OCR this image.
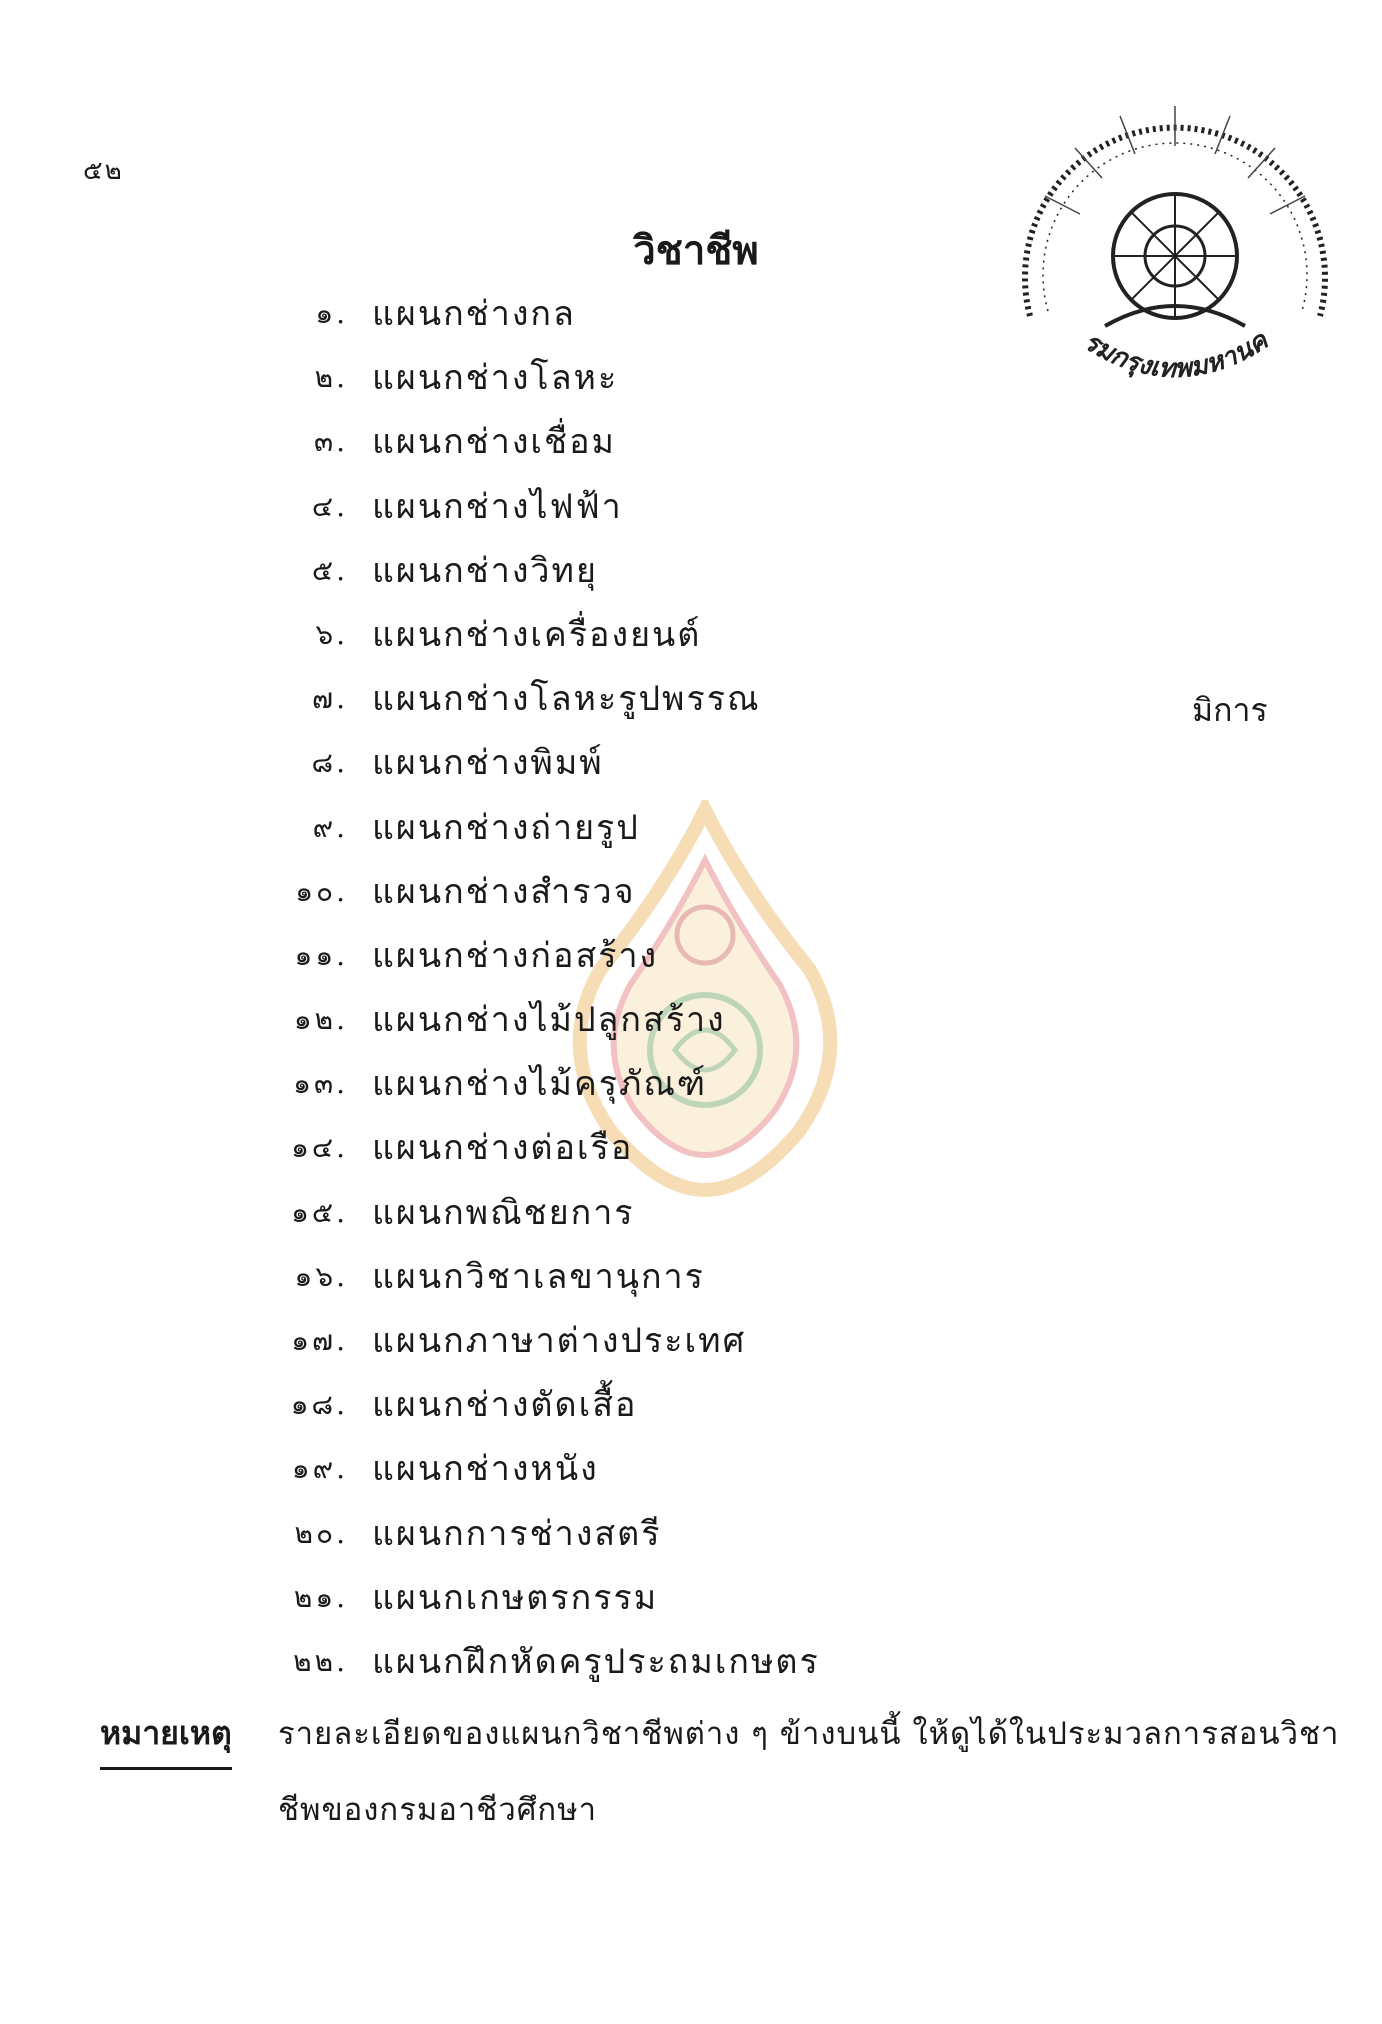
๕๒
รมกรุงเทพมหานค
วิชาชีพ
๑. แผนกช่างกล
๒. แผนกช่างโลหะ
๓. แผนกช่างเชื่อม
๔. แผนกช่างไฟฟ้า
๕. แผนกช่างวิทยุ
๖. แผนกช่างเครื่องยนต์
๗. แผนกช่างโลหะรูปพรรณ
๘. แผนกช่างพิมพ์
๙. แผนกช่างถ่ายรูป
๑๐. แผนกช่างสำรวจ
๑๑. แผนกช่างก่อสร้าง
๑๒. แผนกช่างไม้ปลูกสร้าง
๑๓. แผนกช่างไม้ครุภัณฑ์
๑๔. แผนกช่างต่อเรือ
๑๕. แผนกพณิชยการ
๑๖. แผนกวิชาเลขานุการ
๑๗. แผนกภาษาต่างประเทศ
๑๘. แผนกช่างตัดเสื้อ
๑๙. แผนกช่างหนัง
๒๐. แผนกการช่างสตรี
๒๑. แผนกเกษตรกรรม
๒๒. แผนกฝึกหัดครูประถมเกษตร
มิการ
หมายเหตุ รายละเอียดของแผนกวิชาชีพต่าง ๆ ข้างบนนี้ ให้ดูได้ในประมวลการสอนวิชา
ชีพของกรมอาชีวศึกษา
